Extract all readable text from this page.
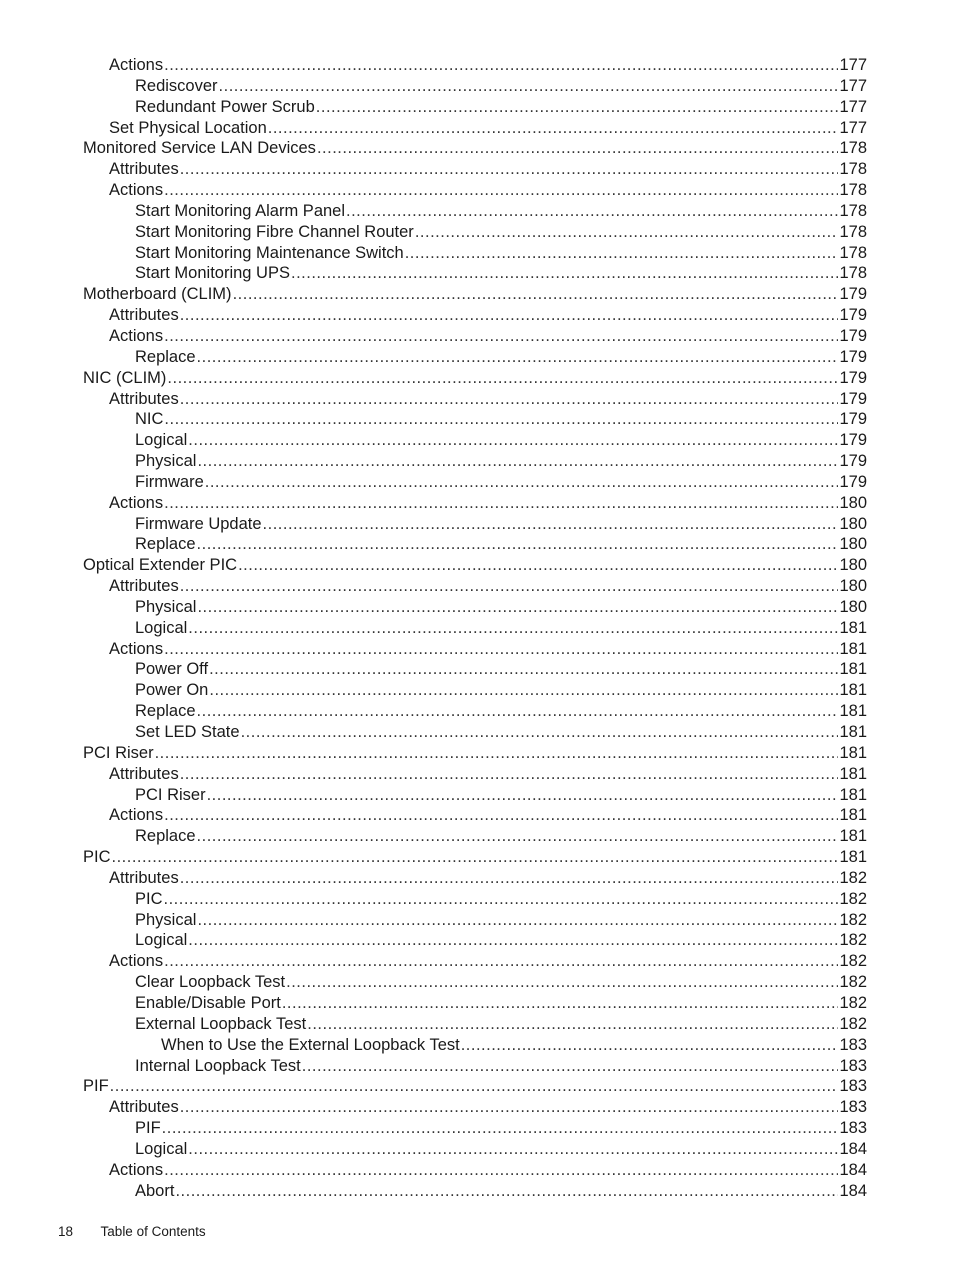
Actions .....	177
Rediscover .....	177
Redundant Power Scrub .....	177
Set Physical Location .....	177
Monitored Service LAN Devices .....	178
Attributes .....	178
Actions .....	178
Start Monitoring Alarm Panel .....	178
Start Monitoring Fibre Channel Router .....	178
Start Monitoring Maintenance Switch .....	178
Start Monitoring UPS .....	178
Motherboard (CLIM) .....	179
Attributes .....	179
Actions .....	179
Replace .....	179
NIC (CLIM) .....	179
Attributes .....	179
NIC .....	179
Logical .....	179
Physical .....	179
Firmware .....	179
Actions .....	180
Firmware Update .....	180
Replace .....	180
Optical Extender PIC .....	180
Attributes .....	180
Physical .....	180
Logical .....	181
Actions .....	181
Power Off .....	181
Power On .....	181
Replace .....	181
Set LED State .....	181
PCI Riser .....	181
Attributes .....	181
PCI Riser .....	181
Actions .....	181
Replace .....	181
PIC .....	181
Attributes .....	182
PIC .....	182
Physical .....	182
Logical .....	182
Actions .....	182
Clear Loopback Test .....	182
Enable/Disable Port .....	182
External Loopback Test .....	182
When to Use the External Loopback Test .....	183
Internal Loopback Test .....	183
PIF .....	183
Attributes .....	183
PIF .....	183
Logical .....	184
Actions .....	184
Abort .....	184
18 Table of Contents
